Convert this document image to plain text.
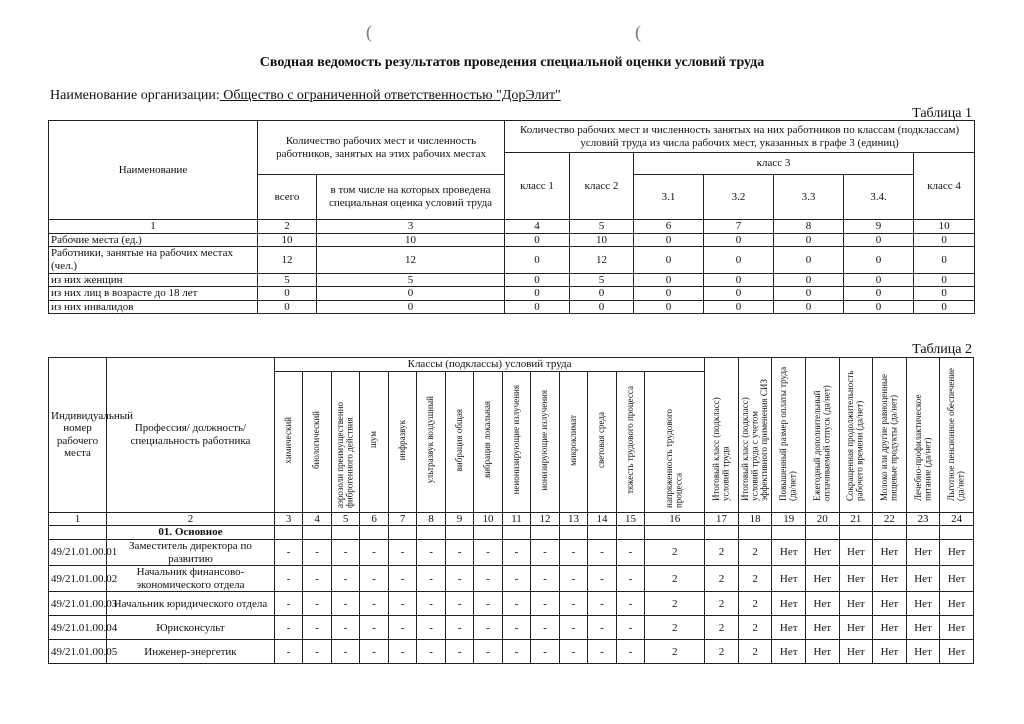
(	(
Сводная ведомость результатов проведения специальной оценки условий труда
Наименование организации: Общество с ограниченной ответственностью "ДорЭлит"
Таблица 1
Наименование	Количество рабочих мест и численность работников, занятых на этих рабочих местах		Количество рабочих мест и численность занятых на них работников по классам (подклассам) условий труда из числа рабочих мест, указанных в графе 3 (единиц)						
			класс 1	класс 2	класс 3				класс 4
	всего	в том числе на которых проведена специальная оценка условий труда			3.1	3.2	3.3	3.4.	
1	2	3	4	5	6	7	8	9	10
Рабочие места (ед.)	10	10	0	10	0	0	0	0	0
Работники, занятые на рабочих местах (чел.)	12	12	0	12	0	0	0	0	0
из них женщин	5	5	0	5	0	0	0	0	0
из них лиц в возрасте до 18 лет	0	0	0	0	0	0	0	0	0
из них инвалидов	0	0	0	0	0	0	0	0	0
Таблица 2
Индивидуальный номер рабочего места	Профессия/ должность/ специальность работника	Классы (подклассы) условий труда														Итоговый класс (подкласс) условий труда	Итоговый класс (подкласс) условий труда с учетом эффективного применения СИЗ	Повышенный размер оплаты труда (да/нет)	Ежегодный дополнительный оплачиваемый отпуск (да/нет)	Сокращенная продолжительность рабочего времени (да/нет)	Молоко или другие равноценные пищевые продукты (да/нет)	Лечебно-профилактическое питание (да/нет)	Льготное пенсионное обеспечение (да/нет)
		химический	биологический	аэрозоли преимущественно фиброгенного действия	шум	инфразвук	ультразвук воздушный	вибрация общая	вибрация локальная	неионизирующие излучения	ионизирующие излучения	микроклимат	световая среда	тяжесть трудового процесса	напряженность трудового процесса								
1	2	3	4	5	6	7	8	9	10	11	12	13	14	15	16	17	18	19	20	21	22	23	24
	01. Основное																						
49/21.01.00.01	Заместитель директора по развитию	-	-	-	-	-	-	-	-	-	-	-	-	-	2	2	2	Нет	Нет	Нет	Нет	Нет	Нет
49/21.01.00.02	Начальник финансово-экономического отдела	-	-	-	-	-	-	-	-	-	-	-	-	-	2	2	2	Нет	Нет	Нет	Нет	Нет	Нет
49/21.01.00.03	Начальник юридического отдела	-	-	-	-	-	-	-	-	-	-	-	-	-	2	2	2	Нет	Нет	Нет	Нет	Нет	Нет
49/21.01.00.04	Юрисконсульт	-	-	-	-	-	-	-	-	-	-	-	-	-	2	2	2	Нет	Нет	Нет	Нет	Нет	Нет
49/21.01.00.05	Инженер-энергетик	-	-	-	-	-	-	-	-	-	-	-	-	-	2	2	2	Нет	Нет	Нет	Нет	Нет	Нет
